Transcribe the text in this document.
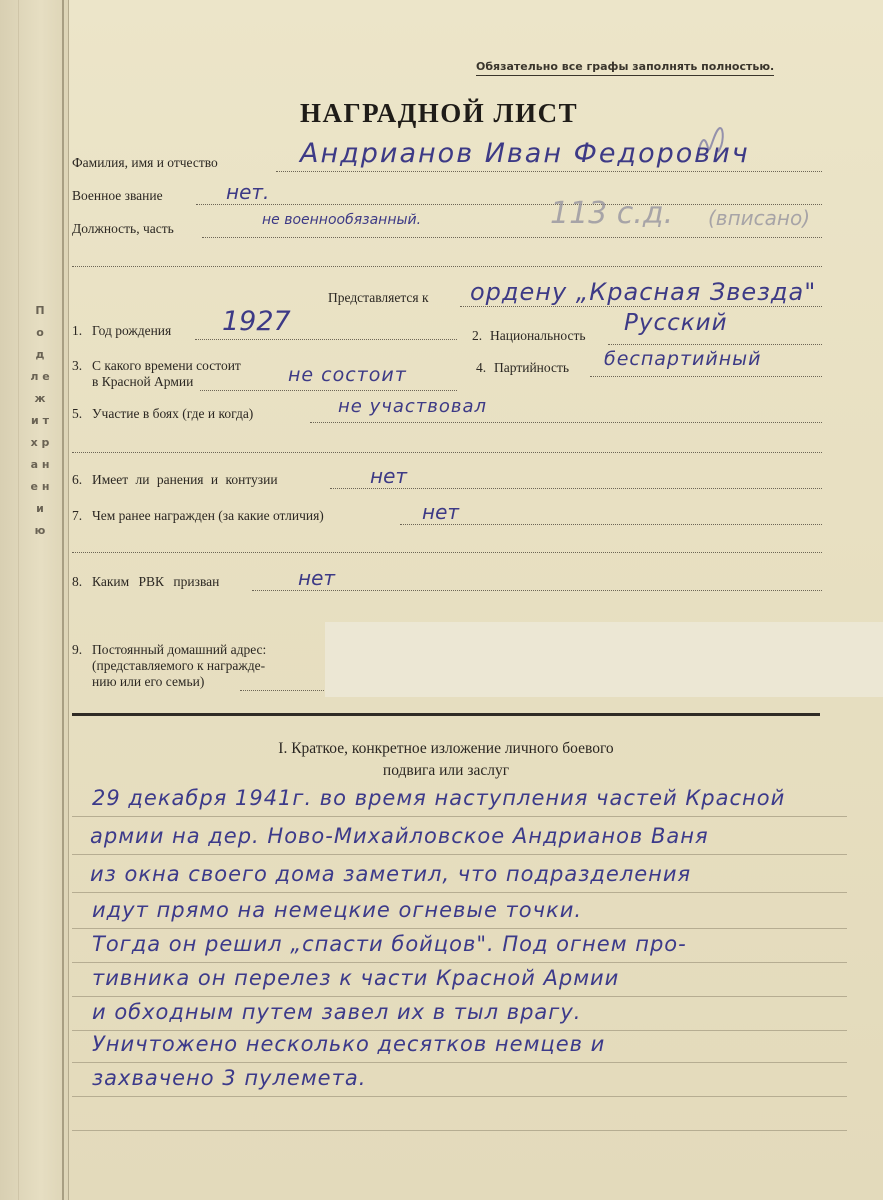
П о д л е ж и т х р а н е н и ю
Обязательно все графы заполнять полностью.
НАГРАДНОЙ ЛИСТ
Фамилия, имя и отчество	Андрианов Иван Федорович
Военное звание	нет.
Должность, часть
не военнообязанный.	113 с.д. (вписано)
Представляется к ордену „Красная Звезда"
1. Год рождения 1927	2. Национальность Русский
3. С какого времени состоит
в Красной Армии	не состоит	4. Партийность беспартийный
5. Участие в боях (где и когда)	не участвовал
6. Имеет ли ранения и контузии	нет
7. Чем ранее награжден (за какие отличия)	нет
8. Каким РВК призван	нет
9. Постоянный домашний адрес:
(представляемого к награжде-
нию или его семьи)
I. Краткое, конкретное изложение личного боевого
подвига или заслуг
29 декабря 1941г. во время наступления частей Красной
армии на дер. Ново-Михайловское Андрианов Ваня
из окна своего дома заметил, что подразделения
идут прямо на немецкие огневые точки.
Тогда он решил „спасти бойцов". Под огнем про-
тивника он перелез к части Красной Армии
и обходным путем завел их в тыл врагу.
Уничтожено несколько десятков немцев и
захвачено 3 пулемета.
